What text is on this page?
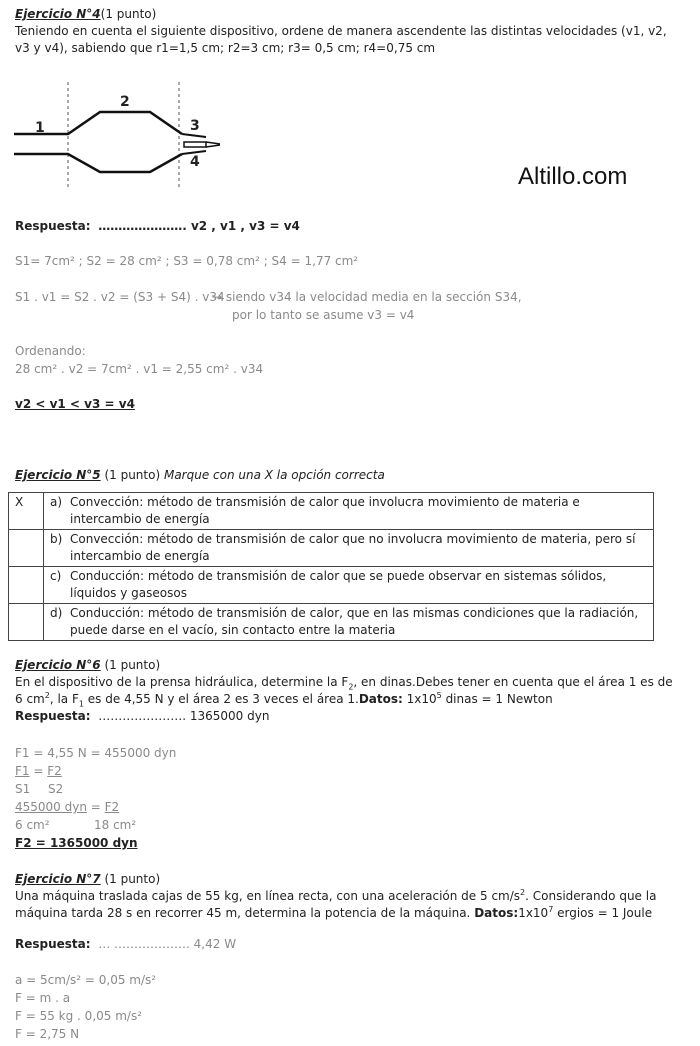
Ejercicio N°4(1 punto)
Teniendo en cuenta el siguiente dispositivo, ordene de manera ascendente las distintas velocidades (v1, v2, v3 y v4), sabiendo que r1=1,5 cm; r2=3 cm; r3= 0,5 cm; r4=0,75 cm
1
2
3
4
Altillo.com
Respuesta: …………………. v2 , v1 , v3 = v4
S1= 7cm² ; S2 = 28 cm² ; S3 = 0,78 cm² ; S4 = 1,77 cm²
S1 . v1 = S2 . v2 = (S3 + S4) . v34
→ siendo v34 la velocidad media en la sección S34,
por lo tanto se asume v3 = v4
Ordenando:
28 cm² . v2 = 7cm² . v1 = 2,55 cm² . v34
v2 < v1 < v3 = v4
Ejercicio N°5 (1 punto) Marque con una X la opción correcta
X	a) Convección: método de transmisión de calor que involucra movimiento de materia e intercambio de energía

	b) Convección: método de transmisión de calor que no involucra movimiento de materia, pero sí intercambio de energía

	c) Conducción: método de transmisión de calor que se puede observar en sistemas sólidos, líquidos y gaseosos

	d) Conducción: método de transmisión de calor, que en las mismas condiciones que la radiación, puede darse en el vacío, sin contacto entre la materia
Ejercicio N°6 (1 punto)
En el dispositivo de la prensa hidráulica, determine la $F_2$, en dinas.Debes tener en cuenta que el área 1 es de 6 $cm^2$, la $F_1$ es de 4,55 N y el área 2 es 3 veces el área 1.Datos: $1x10^5$ dinas = 1 Newton
Respuesta: …………………. 1365000 dyn
F1 = 4,55 N = 455000 dyn
F1 = F2
S1 S2
455000 dyn = F2
6 cm²	18 cm²
F2 = 1365000 dyn
Ejercicio N°7 (1 punto)
Una máquina traslada cajas de 55 kg, en línea recta, con una aceleración de 5 $cm/s^2$. Considerando que la máquina tarda 28 s en recorrer 45 m, determina la potencia de la máquina. $Datos:1x10^7$ ergios = 1 Joule
Respuesta: … ………………. 4,42 W
a = 5cm/s² = 0,05 m/s²
F = m . a
F = 55 kg . 0,05 m/s²
F = 2,75 N
